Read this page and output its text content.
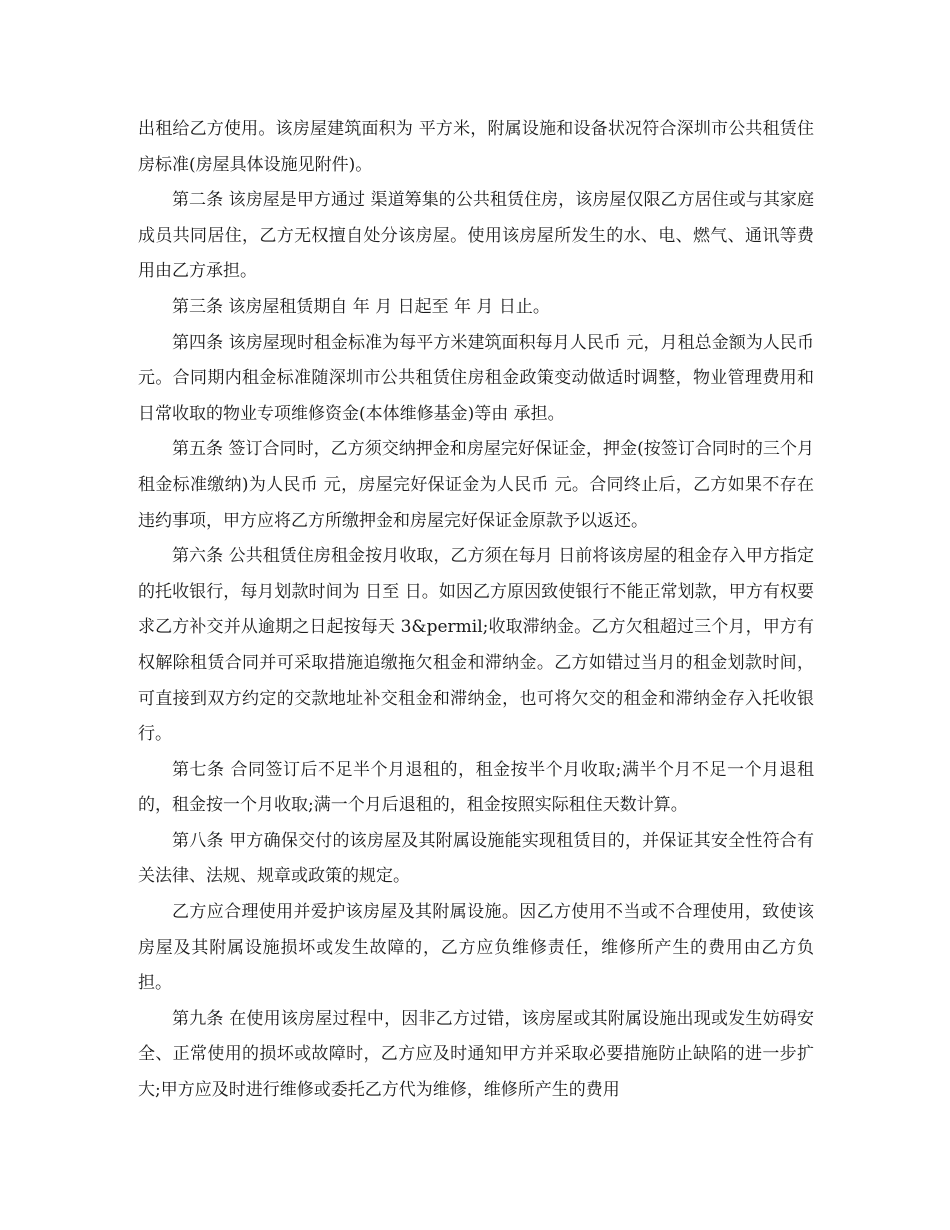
出租给乙方使用。该房屋建筑面积为 平方米，附属设施和设备状况符合深圳市公共租赁住房标准(房屋具体设施见附件)。

第二条 该房屋是甲方通过 渠道筹集的公共租赁住房，该房屋仅限乙方居住或与其家庭成员共同居住，乙方无权擅自处分该房屋。使用该房屋所发生的水、电、燃气、通讯等费用由乙方承担。

第三条 该房屋租赁期自 年 月 日起至 年 月 日止。

第四条 该房屋现时租金标准为每平方米建筑面积每月人民币 元，月租总金额为人民币 元。合同期内租金标准随深圳市公共租赁住房租金政策变动做适时调整，物业管理费用和日常收取的物业专项维修资金(本体维修基金)等由 承担。

第五条 签订合同时，乙方须交纳押金和房屋完好保证金，押金(按签订合同时的三个月租金标准缴纳)为人民币 元，房屋完好保证金为人民币 元。合同终止后，乙方如果不存在违约事项，甲方应将乙方所缴押金和房屋完好保证金原款予以返还。

第六条 公共租赁住房租金按月收取，乙方须在每月 日前将该房屋的租金存入甲方指定的托收银行，每月划款时间为 日至 日。如因乙方原因致使银行不能正常划款，甲方有权要求乙方补交并从逾期之日起按每天 3&permil;收取滞纳金。乙方欠租超过三个月，甲方有权解除租赁合同并可采取措施追缴拖欠租金和滞纳金。乙方如错过当月的租金划款时间，可直接到双方约定的交款地址补交租金和滞纳金，也可将欠交的租金和滞纳金存入托收银行。

第七条 合同签订后不足半个月退租的，租金按半个月收取;满半个月不足一个月退租的，租金按一个月收取;满一个月后退租的，租金按照实际租住天数计算。

第八条 甲方确保交付的该房屋及其附属设施能实现租赁目的，并保证其安全性符合有关法律、法规、规章或政策的规定。

乙方应合理使用并爱护该房屋及其附属设施。因乙方使用不当或不合理使用，致使该房屋及其附属设施损坏或发生故障的，乙方应负维修责任，维修所产生的费用由乙方负担。

第九条 在使用该房屋过程中，因非乙方过错，该房屋或其附属设施出现或发生妨碍安全、正常使用的损坏或故障时，乙方应及时通知甲方并采取必要措施防止缺陷的进一步扩大;甲方应及时进行维修或委托乙方代为维修，维修所产生的费用
